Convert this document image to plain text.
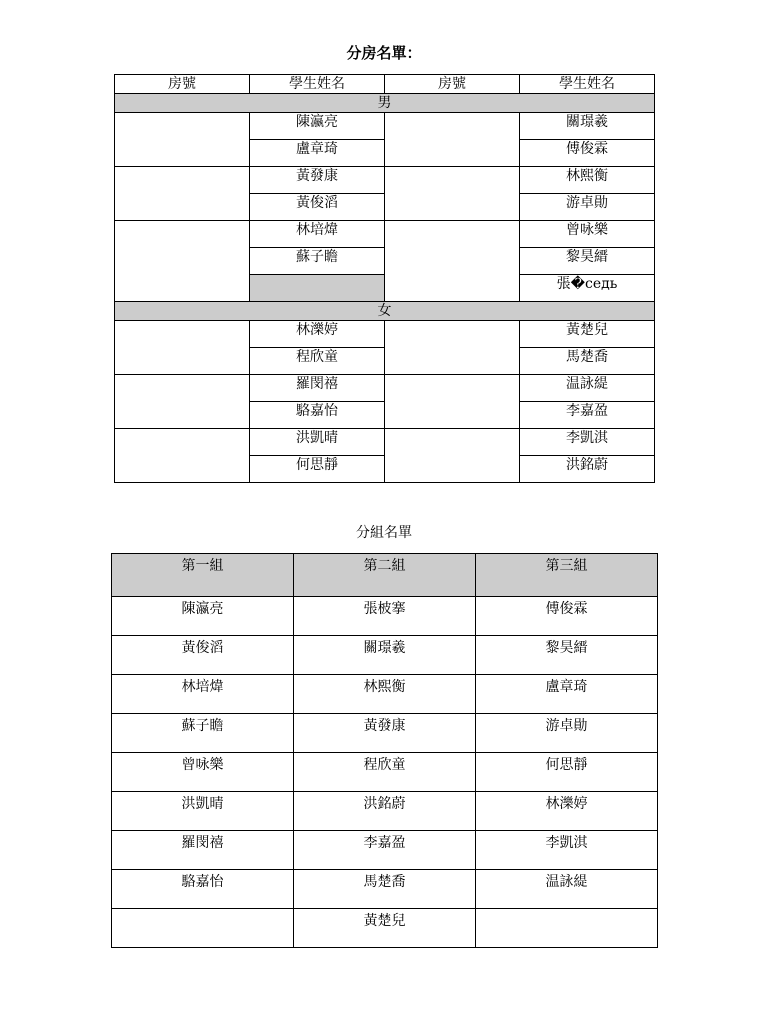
分房名單：
房號	學生姓名	房號	學生姓名
男			
	陳瀛亮		關璟羲
	盧章琦		傅俊霖
	黃發康		林熙衡
	黃俊滔		游卓勛
	林培煒		曾咏樂
	蘇子瞻		黎昊縉
			張�седь
女			
	林濼婷		黃楚兒
	程欣童		馬楚喬
	羅閔禧		温詠緹
	駱嘉怡		李嘉盈
	洪凱晴		李凱淇
	何思靜		洪銘蔚
分組名單
第一組	第二組	第三組
陳瀛亮	張柀搴	傅俊霖
黃俊滔	關璟羲	黎昊縉
林培煒	林熙衡	盧章琦
蘇子瞻	黃發康	游卓勛
曾咏樂	程欣童	何思靜
洪凱晴	洪銘蔚	林濼婷
羅閔禧	李嘉盈	李凱淇
駱嘉怡	馬楚喬	温詠緹
	黃楚兒	
